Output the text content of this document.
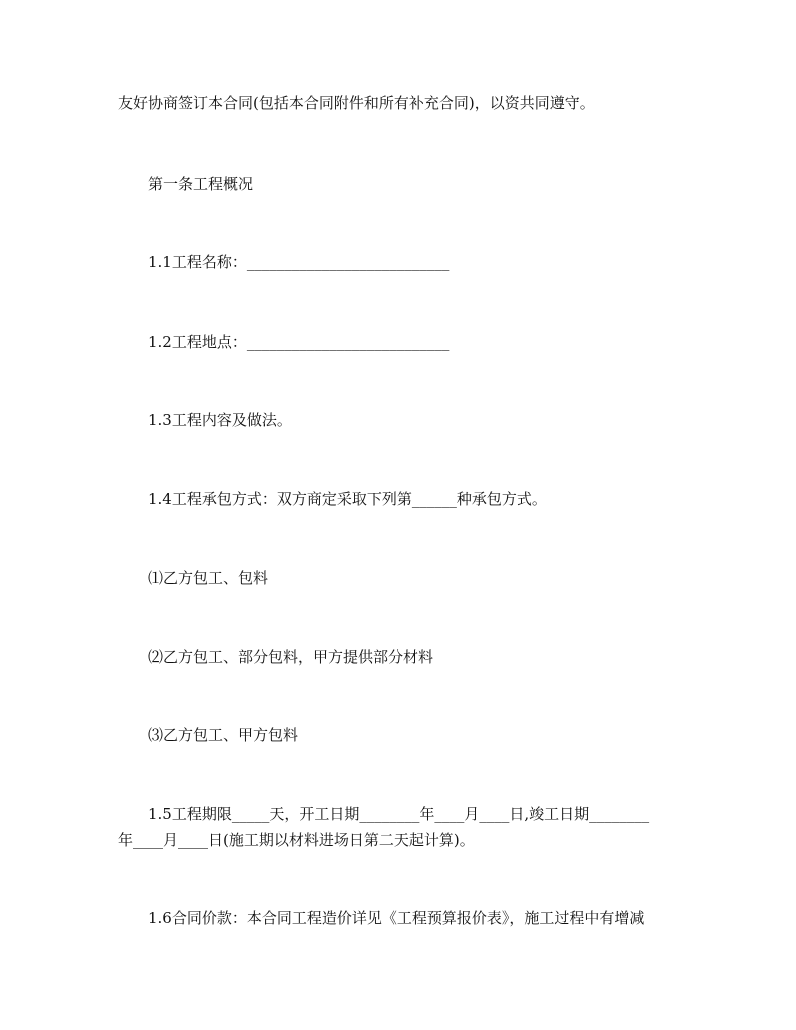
友好协商签订本合同(包括本合同附件和所有补充合同)，以资共同遵守。
第一条工程概况
1.1工程名称：___________________________
1.2工程地点：___________________________
1.3工程内容及做法。
1.4工程承包方式：双方商定采取下列第______种承包方式。
⑴乙方包工、包料
⑵乙方包工、部分包料，甲方提供部分材料
⑶乙方包工、甲方包料
1.5工程期限_____天，开工日期________年____月____日,竣工日期________
年____月____日(施工期以材料进场日第二天起计算)。
1.6合同价款：本合同工程造价详见《工程预算报价表》，施工过程中有增减
